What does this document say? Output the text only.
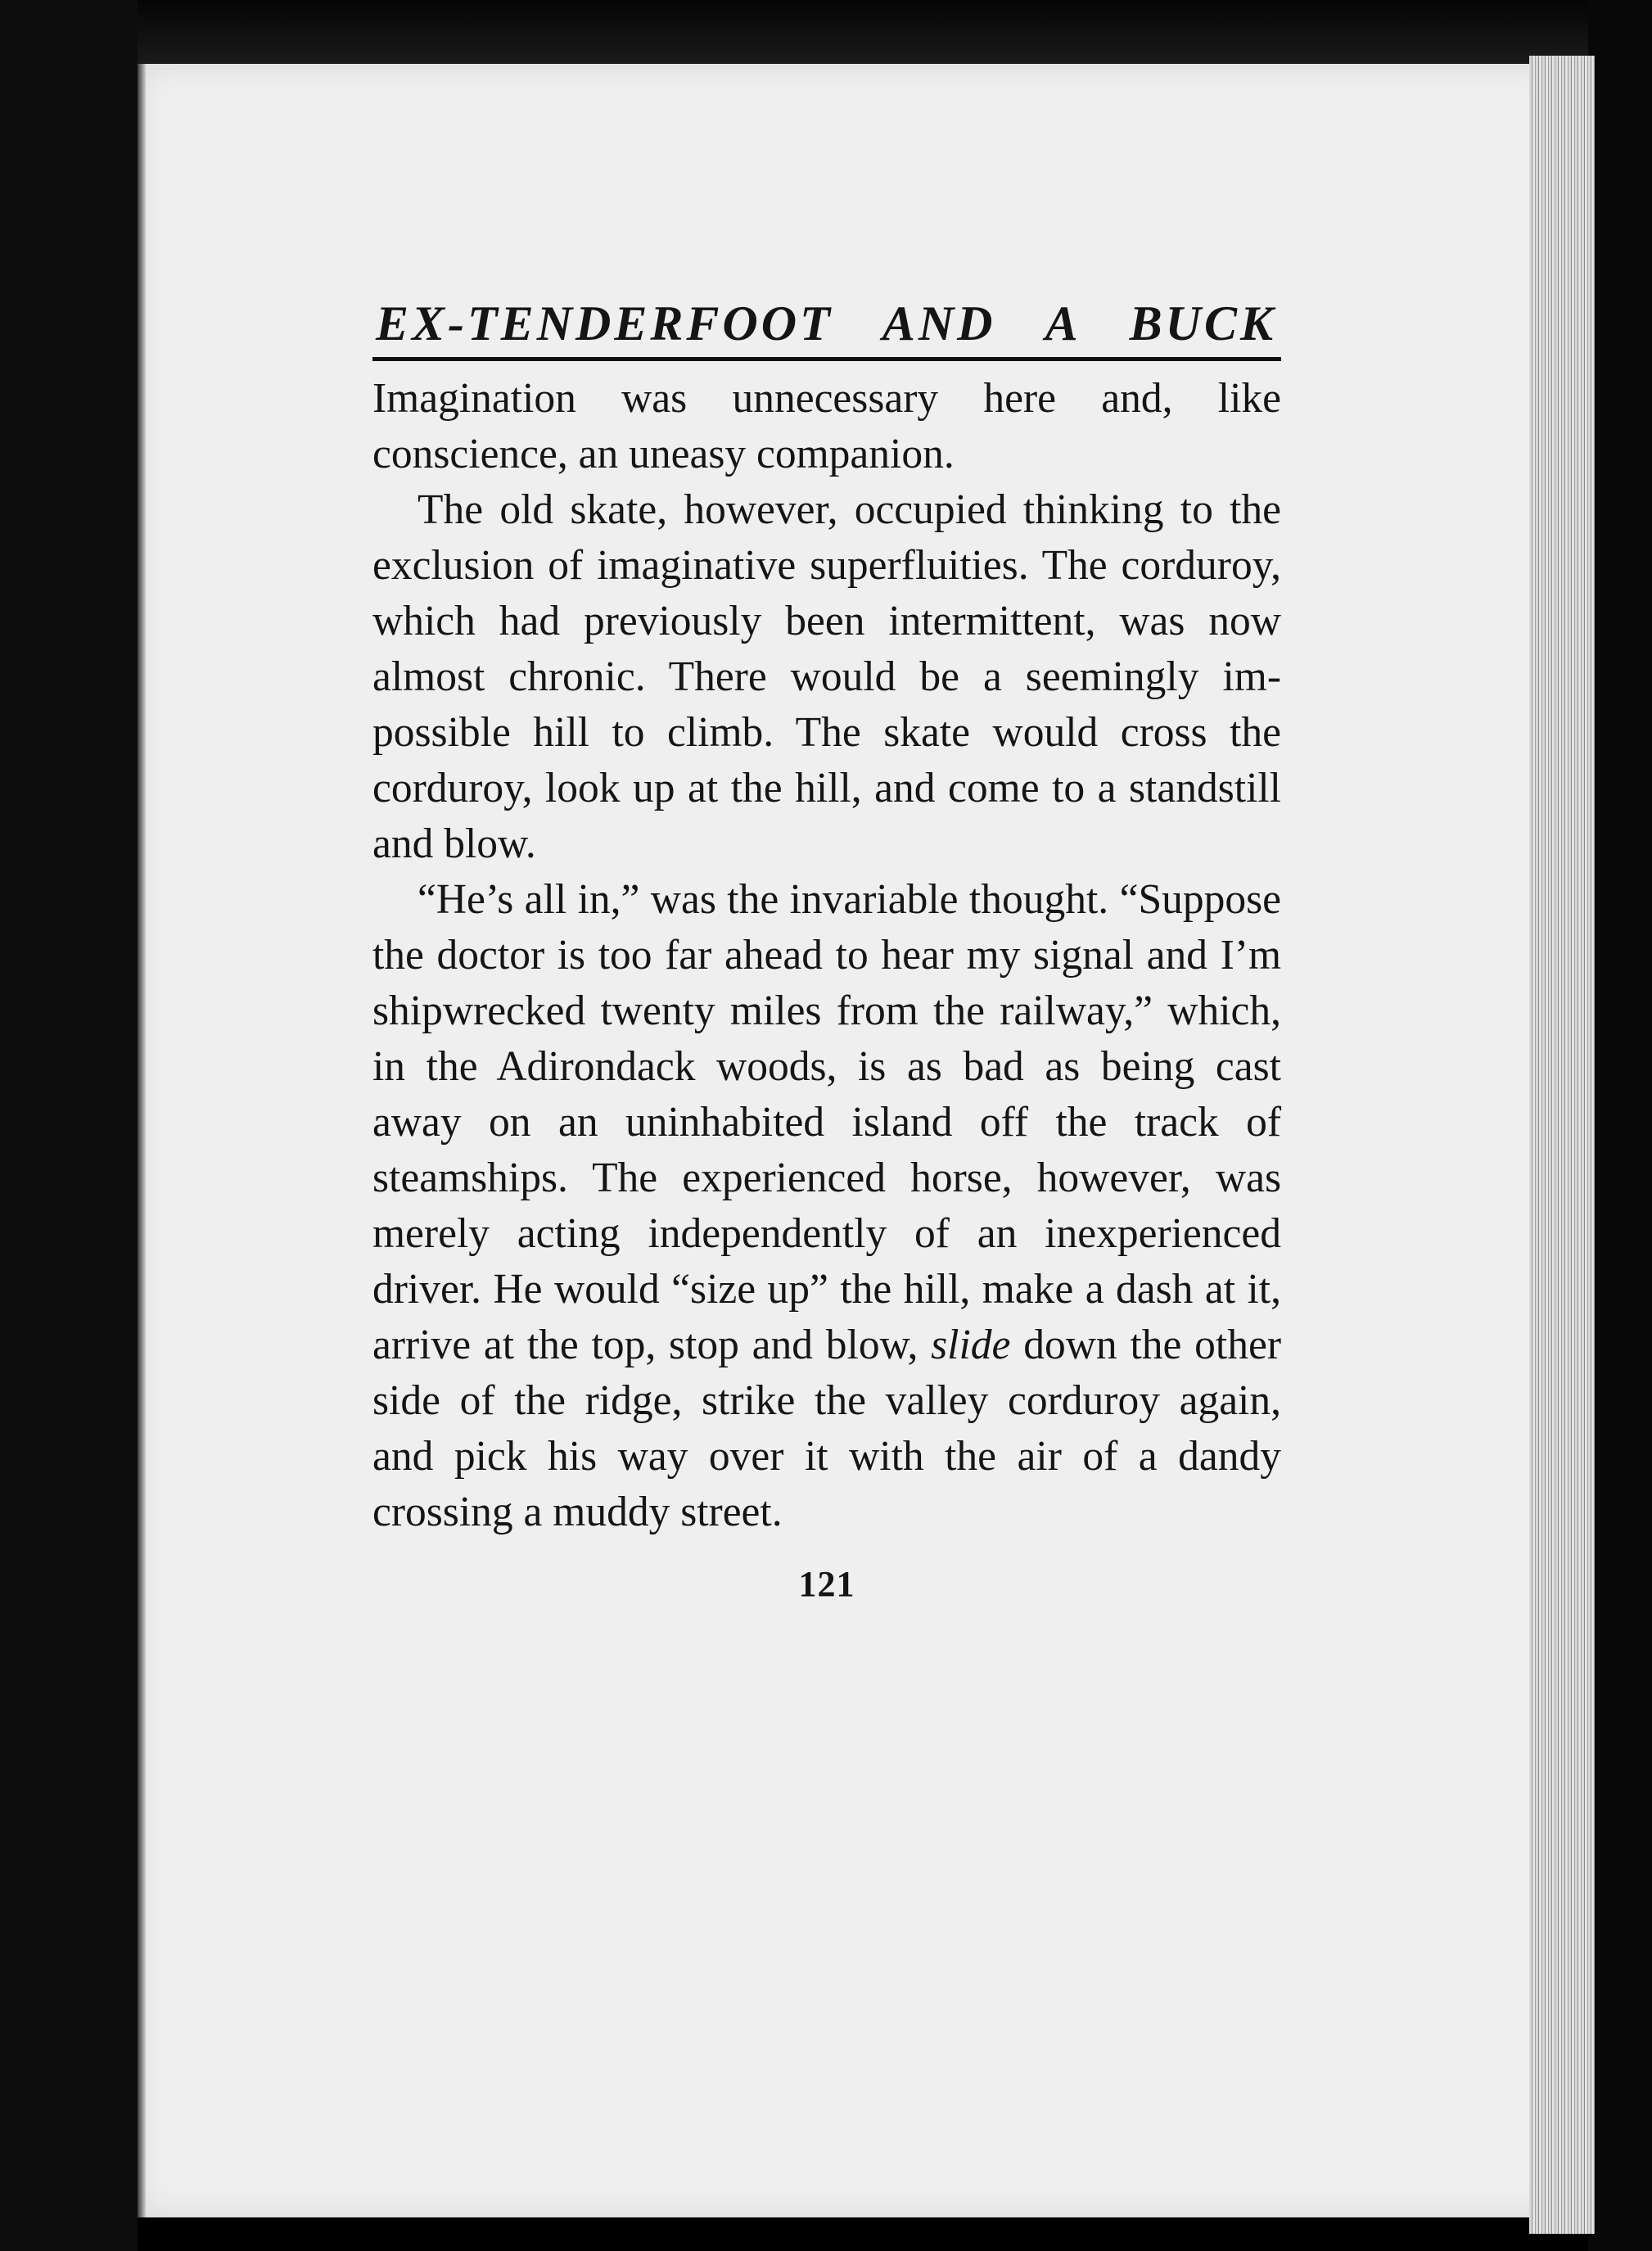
EX-TENDERFOOT AND A BUCK

Imagination was unnecessary here and, like conscience, an uneasy companion.

The old skate, however, occupied thinking to the exclusion of imaginative superfluities. The corduroy, which had previously been intermittent, was now almost chronic. There would be a seemingly impossible hill to climb. The skate would cross the corduroy, look up at the hill, and come to a standstill and blow.

“He’s all in,” was the invariable thought. “Suppose the doctor is too far ahead to hear my signal and I’m shipwrecked twenty miles from the railway,” which, in the Adirondack woods, is as bad as being cast away on an uninhabited island off the track of steamships. The experienced horse, however, was merely acting independently of an inexperienced driver. He would “size up” the hill, make a dash at it, arrive at the top, stop and blow, slide down the other side of the ridge, strike the valley corduroy again, and pick his way over it with the air of a dandy crossing a muddy street.

121
